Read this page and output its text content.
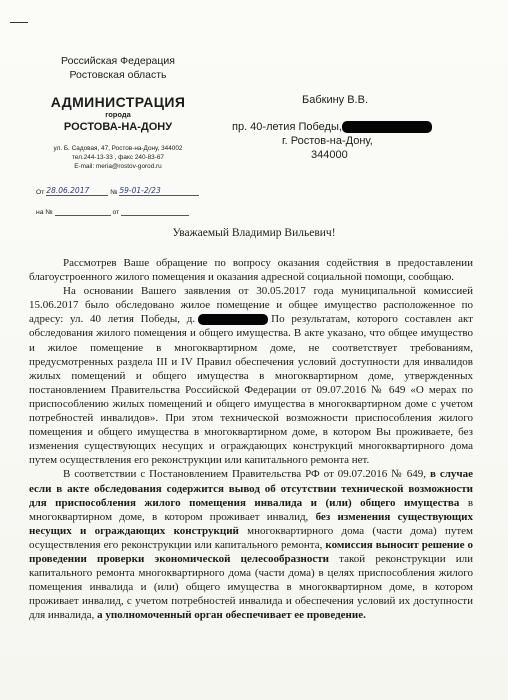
Российская Федерация
Ростовская область
АДМИНИСТРАЦИЯ
города
РОСТОВА-НА-ДОНУ
ул. Б. Садовая, 47, Ростов-на-Дону, 344002
тел.244-13-33 , факс 240-83-67
E-mail: meria@rostov-gorod.ru
От 28.06.2017	№ 59-01-2/23
на №	от
Бабкину В.В.
пр. 40-летия Победы,
г. Ростов-на-Дону,
344000
Уважаемый Владимир Вильевич!

Рассмотрев Ваше обращение по вопросу оказания содействия в предоставлении благоустроенного жилого помещения и оказания адресной социальной помощи, сообщаю.

На основании Вашего заявления от 30.05.2017 года муниципальной комиссией 15.06.2017 было обследовано жилое помещение и общее имущество расположенное по адресу: ул. 40 летия Победы, д.	По результатам, которого составлен акт обследования жилого помещения и общего имущества. В акте указано, что общее имущество и жилое помещение в многоквартирном доме, не соответствует требованиям, предусмотренных раздела III и IV Правил обеспечения условий доступности для инвалидов жилых помещений и общего имущества в многоквартирном доме, утвержденных постановлением Правительства Российской Федерации от 09.07.2016 № 649 «О мерах по приспособлению жилых помещений и общего имущества в многоквартирном доме с учетом потребностей инвалидов». При этом технической возможности приспособления жилого помещения и общего имущества в многоквартирном доме, в котором Вы проживаете, без изменения существующих несущих и ограждающих конструкций многоквартирного дома путем осуществления его реконструкции или капитального ремонта нет.

В соответствии с Постановлением Правительства РФ от 09.07.2016 № 649, в случае если в акте обследования содержится вывод об отсутствии технической возможности для приспособления жилого помещения инвалида и (или) общего имущества в многоквартирном доме, в котором проживает инвалид, без изменения существующих несущих и ограждающих конструкций многоквартирного дома (части дома) путем осуществления его реконструкции или капитального ремонта, комиссия выносит решение о проведении проверки экономической целесообразности такой реконструкции или капитального ремонта многоквартирного дома (части дома) в целях приспособления жилого помещения инвалида и (или) общего имущества в многоквартирном доме, в котором проживает инвалид, с учетом потребностей инвалида и обеспечения условий их доступности для инвалида, а уполномоченный орган обеспечивает ее проведение.
